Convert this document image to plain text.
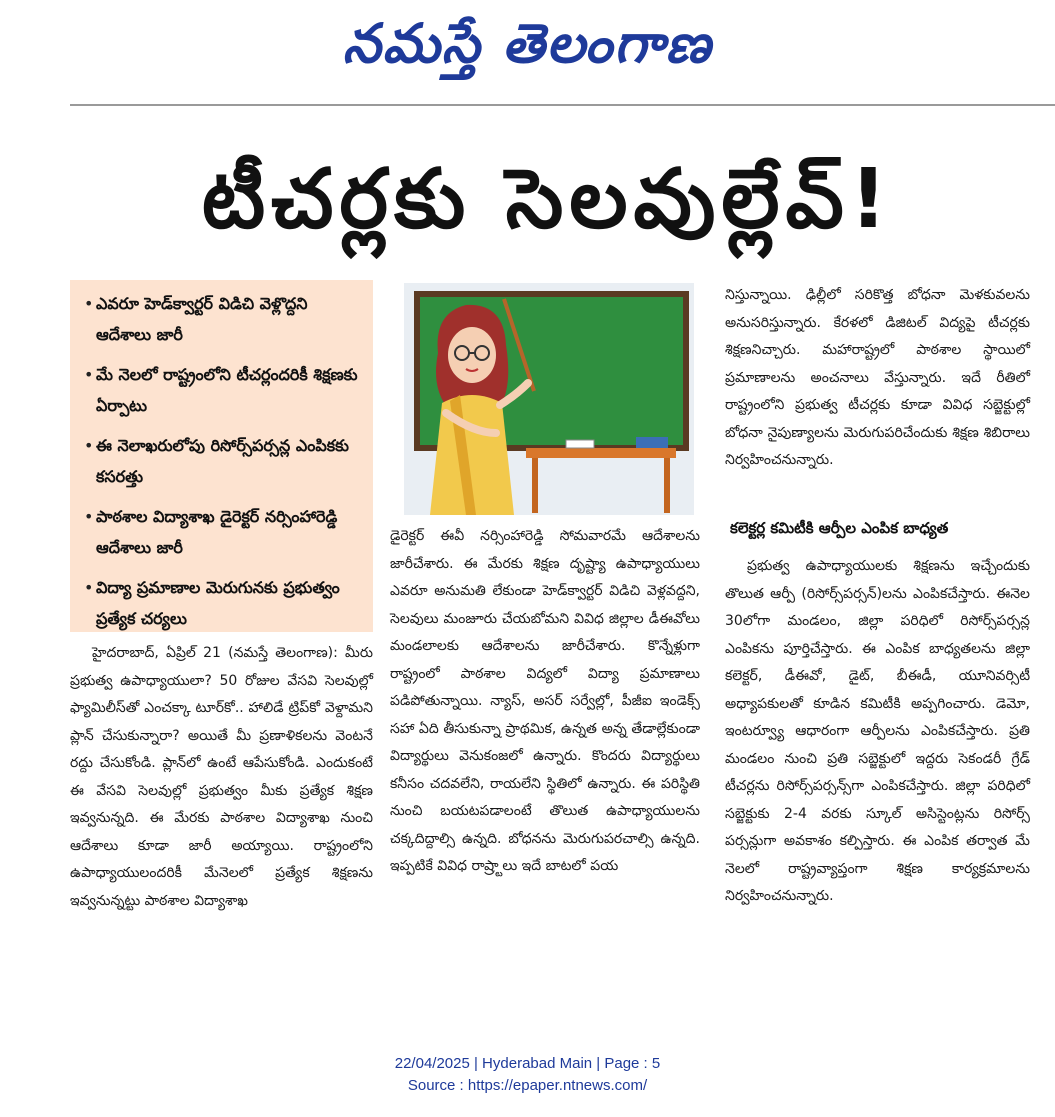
నమస్తే తెలంగాణ
టీచర్లకు సెలవుల్లేవ్‌!
• ఎవరూ హెడ్‌క్వార్టర్‌ విడిచి వెళ్లొద్దని ఆదేశాలు జారీ
• మే నెలలో రాష్ట్రంలోని టీచర్లందరికీ శిక్షణకు ఏర్పాటు
• ఈ నెలాఖరులోపు రిసోర్స్‌పర్సన్ల ఎంపికకు కసరత్తు
• పాఠశాల విద్యాశాఖ డైరెక్టర్‌ నర్సింహారెడ్డి ఆదేశాలు జారీ
• విద్యా ప్రమాణాల మెరుగునకు ప్రభుత్వం ప్రత్యేక చర్యలు

హైదరాబాద్‌, ఏప్రిల్‌ 21 (నమస్తే తెలంగాణ): మీరు ప్రభుత్వ ఉపాధ్యాయులా? 50 రోజుల వేసవి సెలవుల్లో ఫ్యామిలీస్‌తో ఎంచక్కా టూర్‌కో.. హాలిడే ట్రిప్‌కో వెళ్దామని ప్లాన్‌ చేసుకున్నారా? అయితే మీ ప్రణాళికలను వెంటనే రద్దు చేసుకోండి. ప్లాన్‌లో ఉంటే ఆపేసుకోండి. ఎందుకంటే ఈ వేసవి సెలవుల్లో ప్రభుత్వం మీకు ప్రత్యేక శిక్షణ ఇవ్వనున్నది. ఈ మేరకు పాఠశాల విద్యాశాఖ నుంచి ఆదేశాలు కూడా జారీ అయ్యాయి. రాష్ట్రంలోని ఉపాధ్యాయులందరికీ మేనెలలో ప్రత్యేక శిక్షణను ఇవ్వనున్నట్టు పాఠశాల విద్యాశాఖ

డైరెక్టర్‌ ఈవీ నర్సింహారెడ్డి సోమవారమే ఆదేశాలను జారీచేశారు. ఈ మేరకు శిక్షణ దృష్ట్యా ఉపాధ్యాయులు ఎవరూ అనుమతి లేకుండా హెడ్‌క్వార్టర్‌ విడిచి వెళ్లవద్దని, సెలవులు మంజూరు చేయబోమని వివిధ జిల్లాల డీఈవోలు మండలాలకు ఆదేశాలను జారీచేశారు. కొన్నేళ్లుగా రాష్ట్రంలో పాఠశాల విద్యలో విద్యా ప్రమాణాలు పడిపోతున్నాయి. న్యాస్‌, అసర్‌ సర్వేల్లో, పీజీఐ ఇండెక్స్‌ సహా ఏది తీసుకున్నా ప్రాథమిక, ఉన్నత అన్న తేడాల్లేకుండా విద్యార్థులు వెనుకంజలో ఉన్నారు. కొందరు విద్యార్థులు కనీసం చదవలేని, రాయలేని స్థితిలో ఉన్నారు. ఈ పరిస్థితి నుంచి బయటపడాలంటే తొలుత ఉపాధ్యాయులను చక్కదిద్దాల్సి ఉన్నది. బోధనను మెరుగుపరచాల్సి ఉన్నది. ఇప్పటికే వివిధ రాష్ర్టాలు ఇదే బాటలో పయ

నిస్తున్నాయి. ఢిల్లీలో సరికొత్త బోధనా మెళకువలను అనుసరిస్తున్నారు. కేరళలో డిజిటల్‌ విద్యపై టీచర్లకు శిక్షణనిచ్చారు. మహారాష్ట్రలో పాఠశాల స్థాయిలో ప్రమాణాలను అంచనాలు వేస్తున్నారు. ఇదే రీతిలో రాష్ట్రంలోని ప్రభుత్వ టీచర్లకు కూడా వివిధ సబ్జెక్టుల్లో బోధనా నైపుణ్యాలను మెరుగుపరిచేందుకు శిక్షణ శిబిరాలు నిర్వహించనున్నారు.

కలెక్టర్ల కమిటీకి ఆర్పీల ఎంపిక బాధ్యత

ప్రభుత్వ ఉపాధ్యాయులకు శిక్షణను ఇచ్చేందుకు తొలుత ఆర్పీ (రిసోర్స్‌పర్సన్‌)లను ఎంపికచేస్తారు. ఈనెల 30లోగా మండలం, జిల్లా పరిధిలో రిసోర్స్‌పర్సన్ల ఎంపికను పూర్తిచేస్తారు. ఈ ఎంపిక బాధ్యతలను జిల్లా కలెక్టర్‌, డీఈవో, డైట్‌, బీఈడీ, యూనివర్సిటీ అధ్యాపకులతో కూడిన కమిటీకి అప్పగించారు. డెమో, ఇంటర్వ్యూ ఆధారంగా ఆర్పీలను ఎంపికచేస్తారు. ప్రతి మండలం నుంచి ప్రతి సబ్జెక్టులో ఇద్దరు సెకండరీ గ్రేడ్‌ టీచర్లను రిసోర్స్‌పర్సన్స్‌గా ఎంపికచేస్తారు. జిల్లా పరిధిలో సబ్జెక్టుకు 2-4 వరకు స్కూల్‌ అసిస్టెంట్లను రిసోర్స్‌ పర్సన్లుగా అవకాశం కల్పిస్తారు. ఈ ఎంపిక తర్వాత మే నెలలో రాష్ట్రవ్యాప్తంగా శిక్షణ కార్యక్రమాలను నిర్వహించనున్నారు.

22/04/2025 | Hyderabad Main | Page : 5
Source : https://epaper.ntnews.com/
